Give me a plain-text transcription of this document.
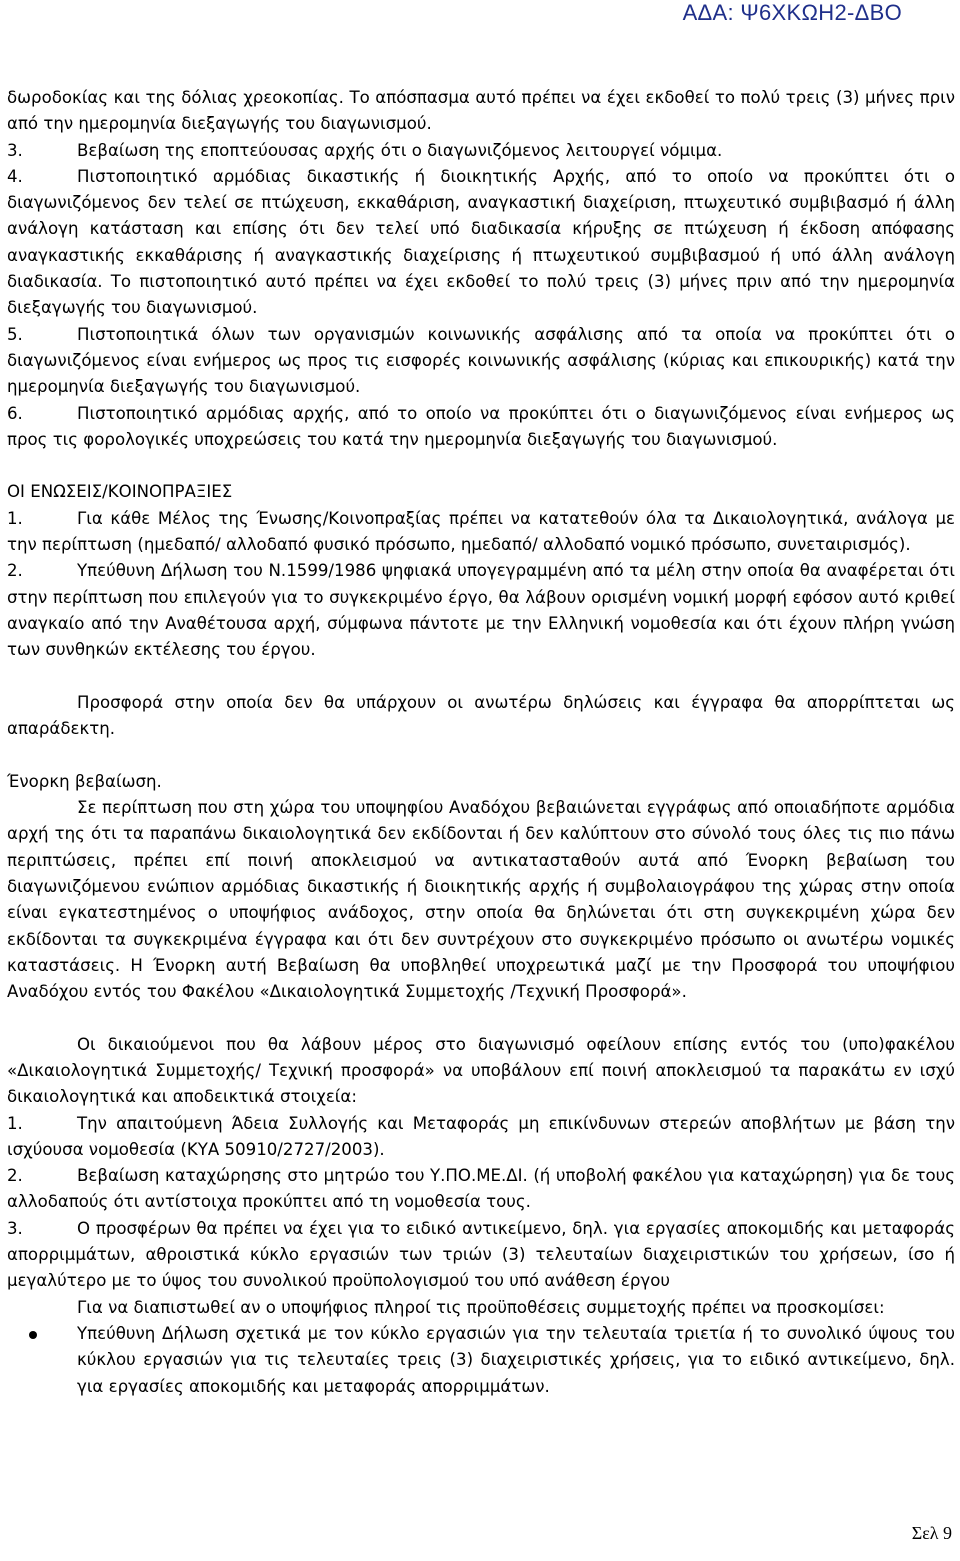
ΑΔΑ: Ψ6ΧΚΩΗ2-ΔΒΟ

δωροδοκίας και της δόλιας χρεοκοπίας. Το απόσπασμα αυτό πρέπει να έχει εκδοθεί το πολύ τρεις (3) μήνες πριν από την ημερομηνία διεξαγωγής του διαγωνισμού.

3.	Βεβαίωση της εποπτεύουσας αρχής ότι ο διαγωνιζόμενος λειτουργεί νόμιμα.

4.	Πιστοποιητικό αρμόδιας δικαστικής ή διοικητικής Αρχής, από το οποίο να προκύπτει ότι ο διαγωνιζόμενος δεν τελεί σε πτώχευση, εκκαθάριση, αναγκαστική διαχείριση, πτωχευτικό συμβιβασμό ή άλλη ανάλογη κατάσταση και επίσης ότι δεν τελεί υπό διαδικασία κήρυξης σε πτώχευση ή έκδοση απόφασης αναγκαστικής εκκαθάρισης ή αναγκαστικής διαχείρισης ή πτωχευτικού συμβιβασμού ή υπό άλλη ανάλογη διαδικασία. Το πιστοποιητικό αυτό πρέπει να έχει εκδοθεί το πολύ τρεις (3) μήνες πριν από την ημερομηνία διεξαγωγής του διαγωνισμού.

5.	Πιστοποιητικά όλων των οργανισμών κοινωνικής ασφάλισης από τα οποία να προκύπτει ότι ο διαγωνιζόμενος είναι ενήμερος ως προς τις εισφορές κοινωνικής ασφάλισης (κύριας και επικουρικής) κατά την ημερομηνία διεξαγωγής του διαγωνισμού.

6.	Πιστοποιητικό αρμόδιας αρχής, από το οποίο να προκύπτει ότι ο διαγωνιζόμενος είναι ενήμερος ως προς τις φορολογικές υποχρεώσεις του κατά την ημερομηνία διεξαγωγής του διαγωνισμού.

ΟΙ ΕΝΩΣΕΙΣ/ΚΟΙΝΟΠΡΑΞΙΕΣ

1.	Για κάθε Μέλος της Ένωσης/Κοινοπραξίας πρέπει να κατατεθούν όλα τα Δικαιολογητικά, ανάλογα με την περίπτωση (ημεδαπό/ αλλοδαπό φυσικό πρόσωπο, ημεδαπό/ αλλοδαπό νομικό πρόσωπο, συνεταιρισμός).

2.	Υπεύθυνη Δήλωση του Ν.1599/1986 ψηφιακά υπογεγραμμένη από τα μέλη στην οποία θα αναφέρεται ότι στην περίπτωση που επιλεγούν για το συγκεκριμένο έργο, θα λάβουν ορισμένη νομική μορφή εφόσον αυτό κριθεί αναγκαίο από την Αναθέτουσα αρχή, σύμφωνα πάντοτε με την Ελληνική νομοθεσία και ότι έχουν πλήρη γνώση των συνθηκών εκτέλεσης του έργου.

Προσφορά στην οποία δεν θα υπάρχουν οι ανωτέρω δηλώσεις και έγγραφα θα απορρίπτεται ως απαράδεκτη.

Ένορκη βεβαίωση.

Σε περίπτωση που στη χώρα του υποψηφίου Αναδόχου βεβαιώνεται εγγράφως από οποιαδήποτε αρμόδια αρχή της ότι τα παραπάνω δικαιολογητικά δεν εκδίδονται ή δεν καλύπτουν στο σύνολό τους όλες τις πιο πάνω περιπτώσεις, πρέπει επί ποινή αποκλεισμού να αντικατασταθούν αυτά από Ένορκη βεβαίωση του διαγωνιζόμενου ενώπιον αρμόδιας δικαστικής ή διοικητικής αρχής ή συμβολαιογράφου της χώρας στην οποία είναι εγκατεστημένος ο υποψήφιος ανάδοχος, στην οποία θα δηλώνεται ότι στη συγκεκριμένη χώρα δεν εκδίδονται τα συγκεκριμένα έγγραφα και ότι δεν συντρέχουν στο συγκεκριμένο πρόσωπο οι ανωτέρω νομικές καταστάσεις. Η Ένορκη αυτή Βεβαίωση θα υποβληθεί υποχρεωτικά μαζί με την Προσφορά του υποψήφιου Αναδόχου εντός του Φακέλου «Δικαιολογητικά Συμμετοχής /Τεχνική Προσφορά».

Οι δικαιούμενοι που θα λάβουν μέρος στο διαγωνισμό οφείλουν επίσης εντός του (υπο)φακέλου «Δικαιολογητικά Συμμετοχής/ Τεχνική προσφορά» να υποβάλουν επί ποινή αποκλεισμού τα παρακάτω εν ισχύ δικαιολογητικά και αποδεικτικά στοιχεία:

1.	Την απαιτούμενη Άδεια Συλλογής και Μεταφοράς μη επικίνδυνων στερεών αποβλήτων με βάση την ισχύουσα νομοθεσία (ΚΥΑ 50910/2727/2003).

2.	Βεβαίωση καταχώρησης στο μητρώο του Υ.ΠΟ.ΜΕ.ΔΙ. (ή υποβολή φακέλου για καταχώρηση) για δε τους αλλοδαπούς ότι αντίστοιχα προκύπτει από τη νομοθεσία τους.

3.	Ο προσφέρων θα πρέπει να έχει για το ειδικό αντικείμενο, δηλ. για εργασίες αποκομιδής και μεταφοράς απορριμμάτων, αθροιστικά κύκλο εργασιών των τριών (3) τελευταίων διαχειριστικών του χρήσεων, ίσο ή μεγαλύτερο με το ύψος του συνολικού προϋπολογισμού του υπό ανάθεση έργου

Για να διαπιστωθεί αν ο υποψήφιος πληροί τις προϋποθέσεις συμμετοχής πρέπει να προσκομίσει:

Υπεύθυνη Δήλωση σχετικά με τον κύκλο εργασιών για την τελευταία τριετία ή το συνολικό ύψους του κύκλου εργασιών για τις τελευταίες τρεις (3) διαχειριστικές χρήσεις, για το ειδικό αντικείμενο, δηλ. για εργασίες αποκομιδής και μεταφοράς απορριμμάτων.

Σελ 9
